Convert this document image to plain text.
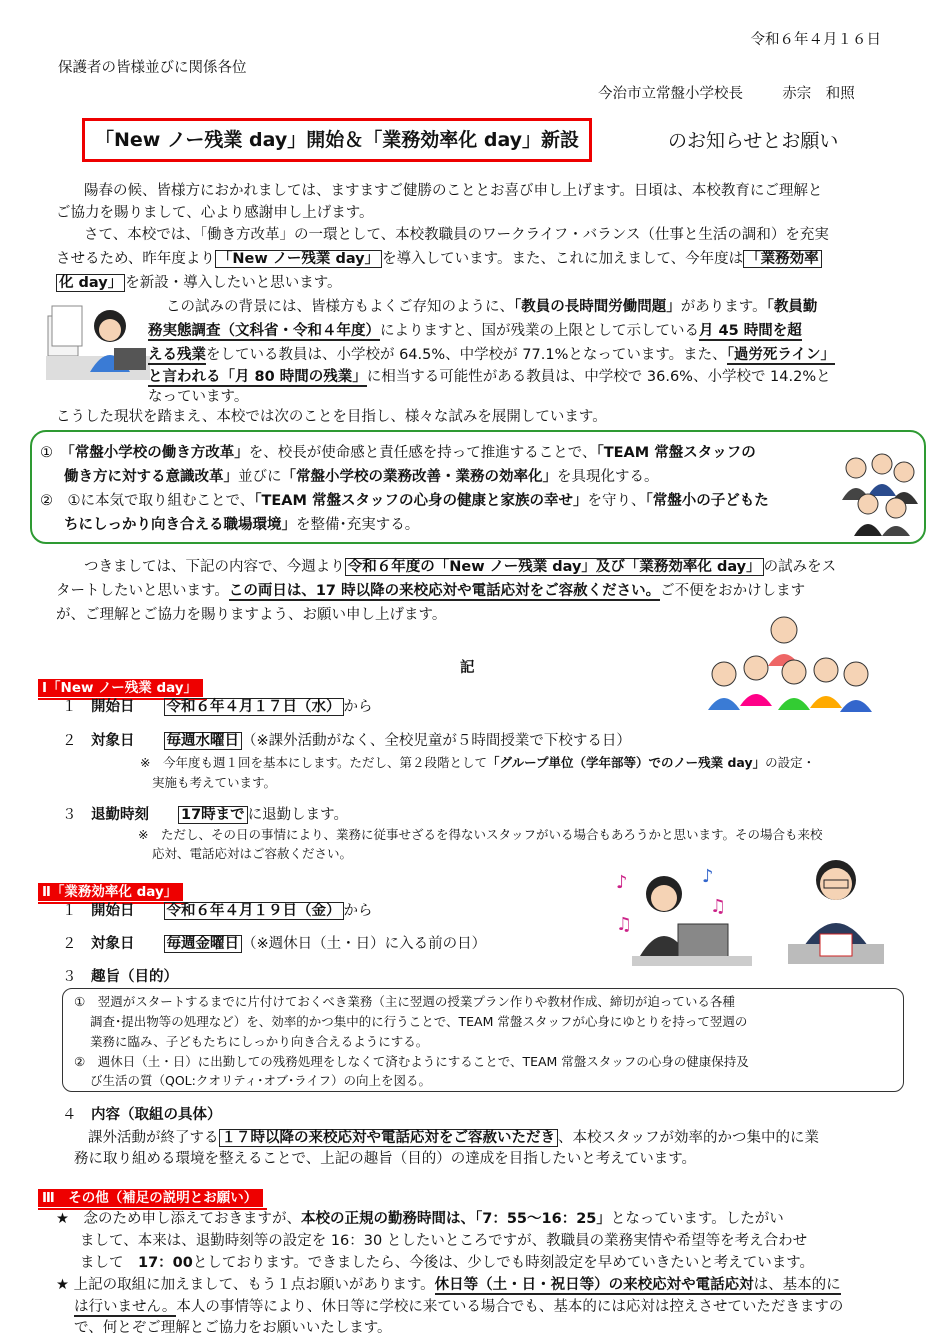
令和６年４月１６日
保護者の皆様並びに関係各位
今治市立常盤小学校長	赤宗　和照
「New ノー残業 day」開始＆「業務効率化 day」新設	のお知らせとお願い
陽春の候、皆様方におかれましては、ますますご健勝のこととお喜び申し上げます。日頃は、本校教育にご理解と
ご協力を賜りまして、心より感謝申し上げます。
さて、本校では、「働き方改革」の一環として、本校教職員のワークライフ・バランス（仕事と生活の調和）を充実
させるため、昨年度より 「New ノー残業 day」 を導入しています。また、これに加えまして、今年度は 「業務効率
化 day」 を新設・導入したいと思います。
この試みの背景には、皆様方もよくご存知のように、「教員の長時間労働問題」があります。「教員勤
務実態調査（文科省・令和４年度）によりますと、国が残業の上限として示している月 45 時間を超
える残業をしている教員は、小学校が 64.5%、中学校が 77.1%となっています。また、「過労死ライン」
と言われる「月 80 時間の残業」に相当する可能性がある教員は、中学校で 36.6%、小学校で 14.2%と
なっています。
こうした現状を踏まえ、本校では次のことを目指し、様々な試みを展開しています。
①　 「常盤小学校の働き方改革」を、校長が使命感と責任感を持って推進することで、「TEAM 常盤スタッフの
働き方に対する意識改革」並びに「常盤小学校の業務改善・業務の効率化」を具現化する。
②　 ①に本気で取り組むことで、「TEAM 常盤スタッフの心身の健康と家族の幸せ」を守り、「常盤小の子どもた
ちにしっかり向き合える職場環境」を整備･充実する。
つきましては、下記の内容で、今週より 令和６年度の「New ノー残業 day」及び「業務効率化 day」 の試みをス
タートしたいと思います。この両日は、17 時以降の来校応対や電話応対をご容赦ください。ご不便をおかけします
が、ご理解とご協力を賜りますよう、お願い申し上げます。
記
Ⅰ「New ノー残業 day」
１　 開始日　　 令和６年４月１７日（水） から
２　 対象日　　 毎週水曜日 （※課外活動がなく、全校児童が５時間授業で下校する日）
※　今年度も週１回を基本にします。ただし、第２段階として「グループ単位（学年部等）でのノー残業 day」の設定・
実施も考えています。
３　 退勤時刻　　 17時まで に退勤します。
※　ただし、その日の事情により、業務に従事せざるを得ないスタッフがいる場合もあろうかと思います。その場合も来校
応対、電話応対はご容赦ください。
Ⅱ「業務効率化 day」	♪	♪
♫
♫
１　 開始日　　 令和６年４月１９日（金） から
２　 対象日　　 毎週金曜日 （※週休日（土・日）に入る前の日）
３　 趣旨（目的）
①　翌週がスタートするまでに片付けておくべき業務（主に翌週の授業プラン作りや教材作成、締切が迫っている各種
調査･提出物等の処理など）を、効率的かつ集中的に行うことで、TEAM 常盤スタッフが心身にゆとりを持って翌週の
業務に臨み、子どもたちにしっかり向き合えるようにする。
②　週休日（土・日）に出勤しての残務処理をしなくて済むようにすることで、TEAM 常盤スタッフの心身の健康保持及
び生活の質（QOL:クオリティ･オブ･ライフ）の向上を図る。
４　 内容（取組の具体）
課外活動が終了する １７時以降の来校応対や電話応対をご容赦いただき 、本校スタッフが効率的かつ集中的に業
務に取り組める環境を整えることで、上記の趣旨（目的）の達成を目指したいと考えています。
Ⅲ　その他（補足の説明とお願い）
★　 念のため申し添えておきますが、本校の正規の勤務時間は、「7：55～16：25」となっています。したがい
まして、本来は、退勤時刻等の設定を 16：30 としたいところですが、教職員の業務実情や希望等を考え合わせ
まして　 17：00としております。できましたら、今後は、少しでも時刻設定を早めていきたいと考えています。
★ 上記の取組に加えまして、もう１点お願いがあります。休日等（土・日・祝日等）の来校応対や電話応対は、基本的に
は行いません。本人の事情等により、休日等に学校に来ている場合でも、基本的には応対は控えさせていただきますの
で、何とぞご理解とご協力をお願いいたします。
